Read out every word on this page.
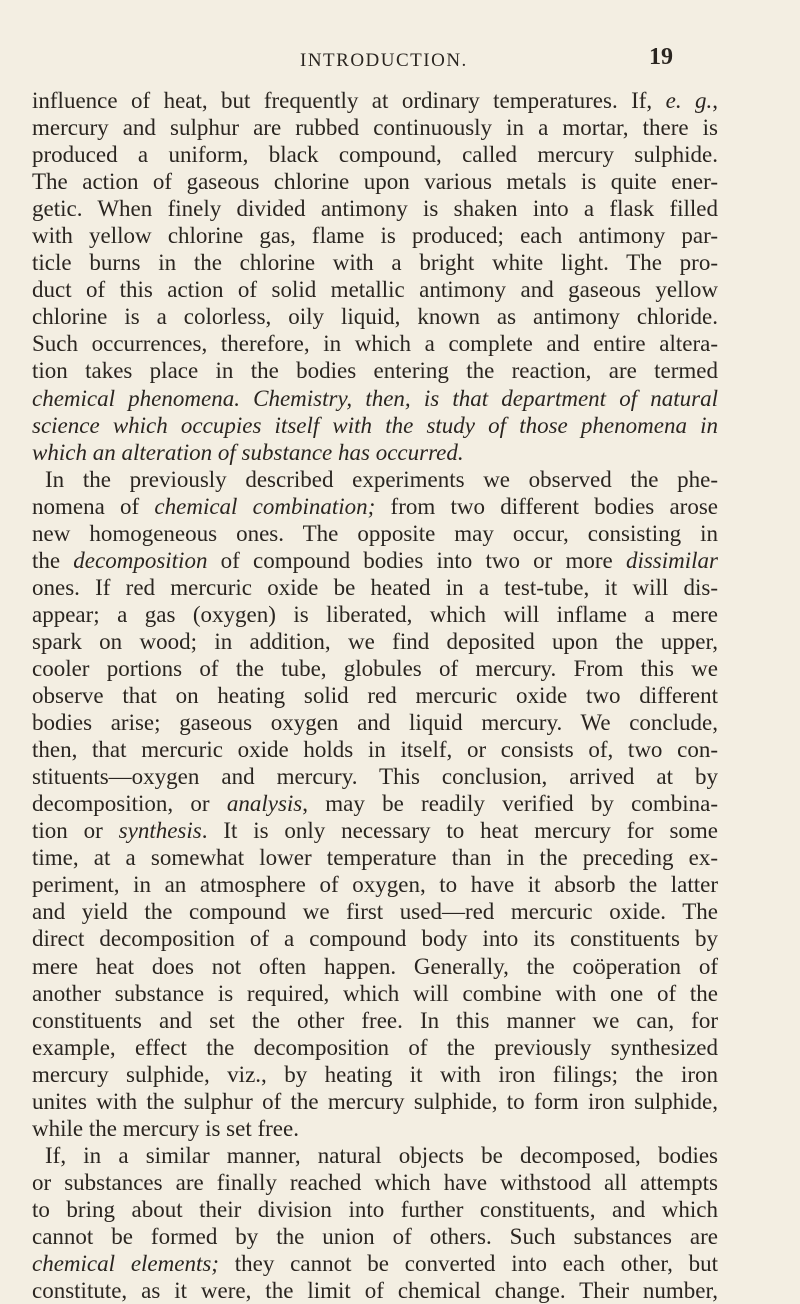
INTRODUCTION.	19
influence of heat, but frequently at ordinary temperatures. If, e. g.,
mercury and sulphur are rubbed continuously in a mortar, there is
produced a uniform, black compound, called mercury sulphide.
The action of gaseous chlorine upon various metals is quite ener-
getic. When finely divided antimony is shaken into a flask filled
with yellow chlorine gas, flame is produced; each antimony par-
ticle burns in the chlorine with a bright white light. The pro-
duct of this action of solid metallic antimony and gaseous yellow
chlorine is a colorless, oily liquid, known as antimony chloride.
Such occurrences, therefore, in which a complete and entire altera-
tion takes place in the bodies entering the reaction, are termed
chemical phenomena. Chemistry, then, is that department of natural
science which occupies itself with the study of those phenomena in
which an alteration of substance has occurred.
In the previously described experiments we observed the phe-
nomena of chemical combination; from two different bodies arose
new homogeneous ones. The opposite may occur, consisting in
the decomposition of compound bodies into two or more dissimilar
ones. If red mercuric oxide be heated in a test-tube, it will dis-
appear; a gas (oxygen) is liberated, which will inflame a mere
spark on wood; in addition, we find deposited upon the upper,
cooler portions of the tube, globules of mercury. From this we
observe that on heating solid red mercuric oxide two different
bodies arise; gaseous oxygen and liquid mercury. We conclude,
then, that mercuric oxide holds in itself, or consists of, two con-
stituents—oxygen and mercury. This conclusion, arrived at by
decomposition, or analysis, may be readily verified by combina-
tion or synthesis. It is only necessary to heat mercury for some
time, at a somewhat lower temperature than in the preceding ex-
periment, in an atmosphere of oxygen, to have it absorb the latter
and yield the compound we first used—red mercuric oxide. The
direct decomposition of a compound body into its constituents by
mere heat does not often happen. Generally, the coöperation of
another substance is required, which will combine with one of the
constituents and set the other free. In this manner we can, for
example, effect the decomposition of the previously synthesized
mercury sulphide, viz., by heating it with iron filings; the iron
unites with the sulphur of the mercury sulphide, to form iron sulphide,
while the mercury is set free.
If, in a similar manner, natural objects be decomposed, bodies
or substances are finally reached which have withstood all attempts
to bring about their division into further constituents, and which
cannot be formed by the union of others. Such substances are
chemical elements; they cannot be converted into each other, but
constitute, as it were, the limit of chemical change. Their number,
